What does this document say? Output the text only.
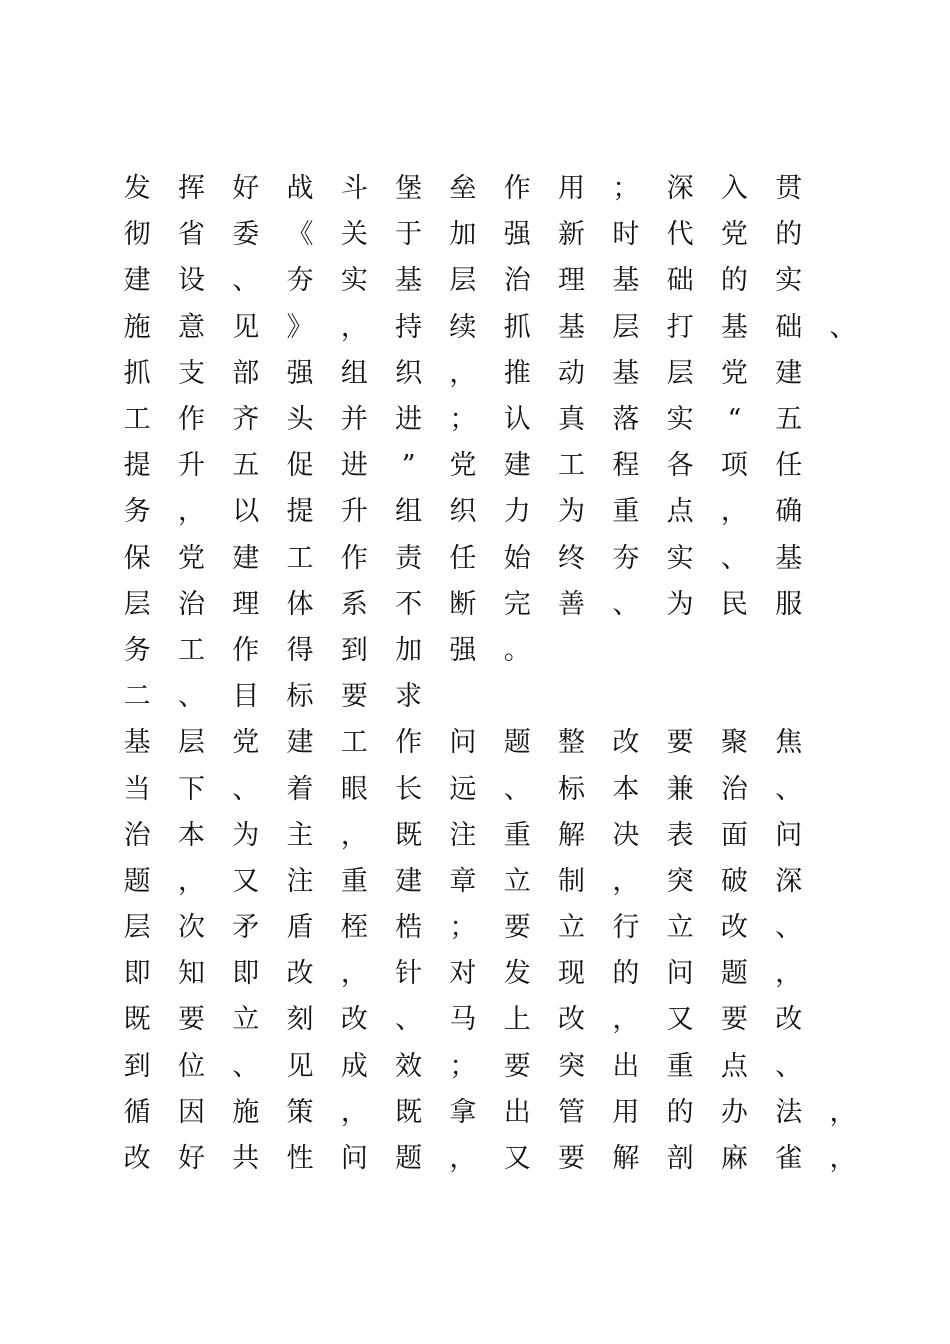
发	挥	好	战	斗	堡	垒	作	用	；	深	入	贯
彻	省	委	《	关	于	加	强	新	时	代	党	的
建	设	、	夯	实	基	层	治	理	基	础	的	实
施	意	见	》	，	持	续	抓	基	层	打	基	础	、
抓	支	部	强	组	织	，	推	动	基	层	党	建
工	作	齐	头	并	进	；	认	真	落	实	“	五
提	升	五	促	进	”	党	建	工	程	各	项	任
务	，	以	提	升	组	织	力	为	重	点	，	确
保	党	建	工	作	责	任	始	终	夯	实	、	基
层	治	理	体	系	不	断	完	善	、	为	民	服
务	工	作	得	到	加	强	。
二	、	目	标	要	求
基	层	党	建	工	作	问	题	整	改	要	聚	焦
当	下	、	着	眼	长	远	、	标	本	兼	治	、
治	本	为	主	，	既	注	重	解	决	表	面	问
题	，	又	注	重	建	章	立	制	，	突	破	深
层	次	矛	盾	桎	梏	；	要	立	行	立	改	、
即	知	即	改	，	针	对	发	现	的	问	题	，
既	要	立	刻	改	、	马	上	改	，	又	要	改
到	位	、	见	成	效	；	要	突	出	重	点	、
循	因	施	策	，	既	拿	出	管	用	的	办	法	，
改	好	共	性	问	题	，	又	要	解	剖	麻	雀	，
